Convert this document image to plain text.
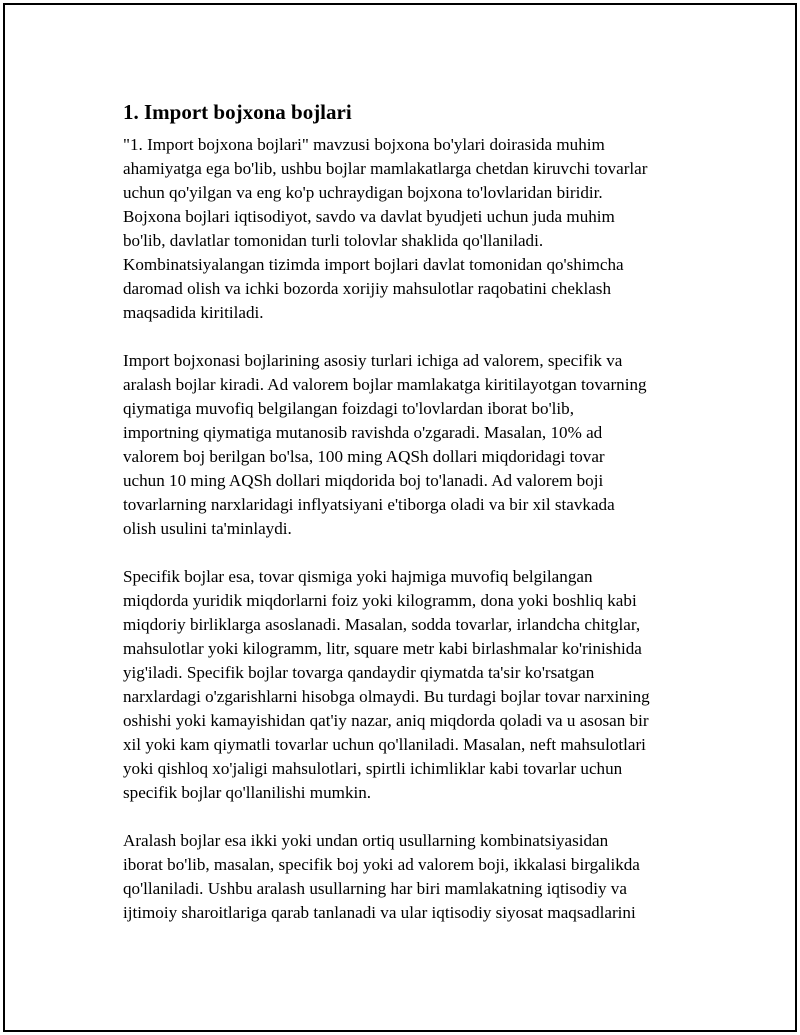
1. Import bojxona bojlari

"1. Import bojxona bojlari" mavzusi bojxona bo'ylari doirasida muhim
ahamiyatga ega bo'lib, ushbu bojlar mamlakatlarga chetdan kiruvchi tovarlar
uchun qo'yilgan va eng ko'p uchraydigan bojxona to'lovlaridan biridir.
Bojxona bojlari iqtisodiyot, savdo va davlat byudjeti uchun juda muhim
bo'lib, davlatlar tomonidan turli tolovlar shaklida qo'llaniladi.
Kombinatsiyalangan tizimda import bojlari davlat tomonidan qo'shimcha
daromad olish va ichki bozorda xorijiy mahsulotlar raqobatini cheklash
maqsadida kiritiladi.

Import bojxonasi bojlarining asosiy turlari ichiga ad valorem, specifik va
aralash bojlar kiradi. Ad valorem bojlar mamlakatga kiritilayotgan tovarning
qiymatiga muvofiq belgilangan foizdagi to'lovlardan iborat bo'lib,
importning qiymatiga mutanosib ravishda o'zgaradi. Masalan, 10% ad
valorem boj berilgan bo'lsa, 100 ming AQSh dollari miqdoridagi tovar
uchun 10 ming AQSh dollari miqdorida boj to'lanadi. Ad valorem boji
tovarlarning narxlaridagi inflyatsiyani e'tiborga oladi va bir xil stavkada
olish usulini ta'minlaydi.

Specifik bojlar esa, tovar qismiga yoki hajmiga muvofiq belgilangan
miqdorda yuridik miqdorlarni foiz yoki kilogramm, dona yoki boshliq kabi
miqdoriy birliklarga asoslanadi. Masalan, sodda tovarlar, irlandcha chitglar,
mahsulotlar yoki kilogramm, litr, square metr kabi birlashmalar ko'rinishida
yig'iladi. Specifik bojlar tovarga qandaydir qiymatda ta'sir ko'rsatgan
narxlardagi o'zgarishlarni hisobga olmaydi. Bu turdagi bojlar tovar narxining
oshishi yoki kamayishidan qat'iy nazar, aniq miqdorda qoladi va u asosan bir
xil yoki kam qiymatli tovarlar uchun qo'llaniladi. Masalan, neft mahsulotlari
yoki qishloq xo'jaligi mahsulotlari, spirtli ichimliklar kabi tovarlar uchun
specifik bojlar qo'llanilishi mumkin.

Aralash bojlar esa ikki yoki undan ortiq usullarning kombinatsiyasidan
iborat bo'lib, masalan, specifik boj yoki ad valorem boji, ikkalasi birgalikda
qo'llaniladi. Ushbu aralash usullarning har biri mamlakatning iqtisodiy va
ijtimoiy sharoitlariga qarab tanlanadi va ular iqtisodiy siyosat maqsadlarini
